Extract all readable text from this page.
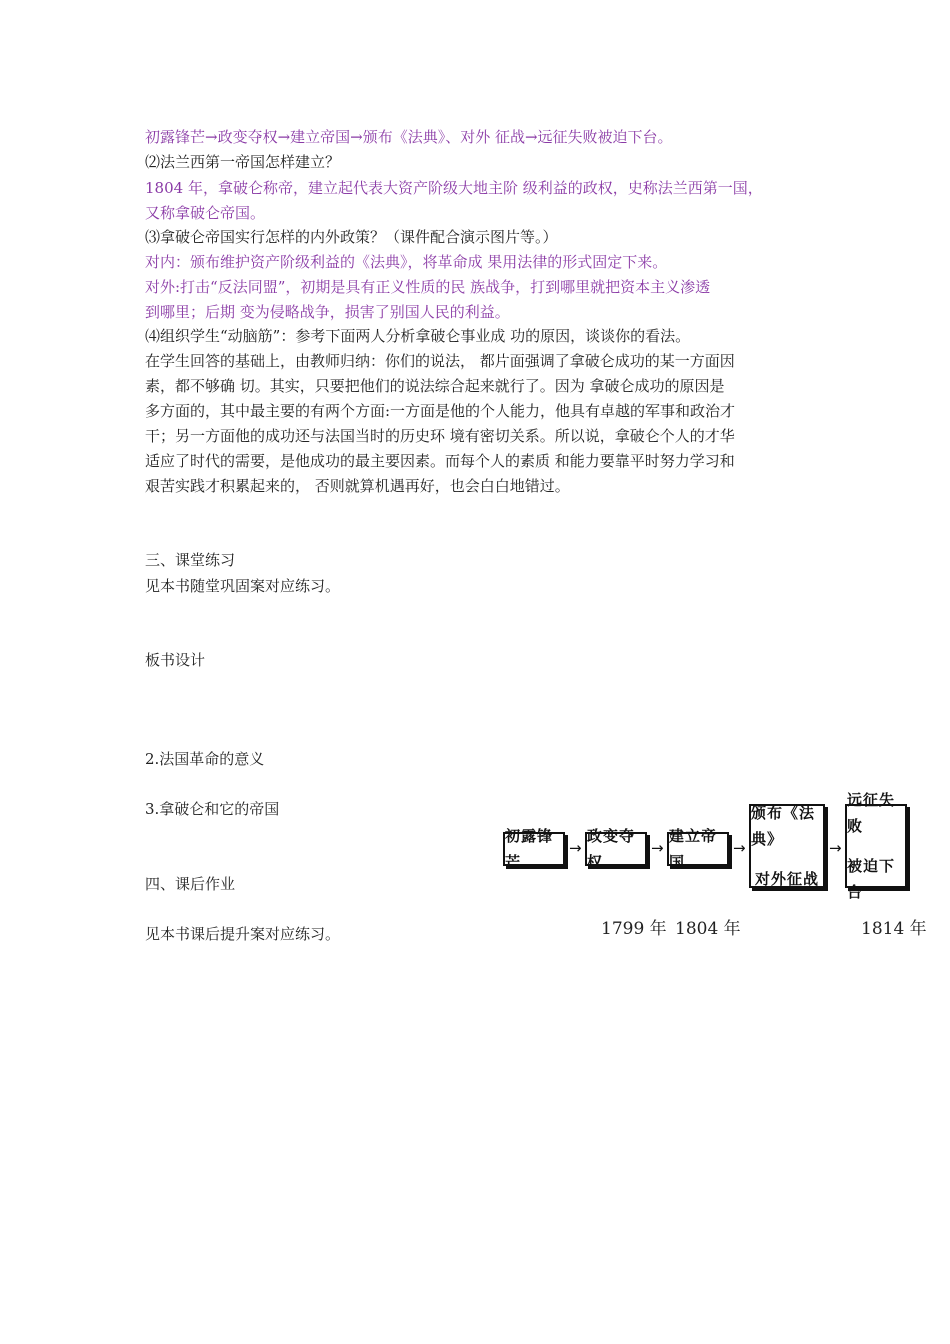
初露锋芒→政变夺权→建立帝国→颁布《法典》、对外 征战→远征失败被迫下台。

⑵法兰西第一帝国怎样建立？

1804 年，拿破仑称帝，建立起代表大资产阶级大地主阶 级利益的政权，史称法兰西第一国，

又称拿破仑帝国。

⑶拿破仑帝国实行怎样的内外政策？（课件配合演示图片等。）

对内：颁布维护资产阶级利益的《法典》，将革命成 果用法律的形式固定下来。

对外:打击“反法同盟”，初期是具有正义性质的民 族战争，打到哪里就把资本主义渗透

到哪里；后期 变为侵略战争，损害了别国人民的利益。

⑷组织学生“动脑筋”：参考下面两人分析拿破仑事业成 功的原因，谈谈你的看法。

在学生回答的基础上，由教师归纳：你们的说法， 都片面强调了拿破仑成功的某一方面因

素，都不够确 切。其实，只要把他们的说法综合起来就行了。因为 拿破仑成功的原因是

多方面的，其中最主要的有两个方面:一方面是他的个人能力，他具有卓越的军事和政治才

干；另一方面他的成功还与法国当时的历史环 境有密切关系。所以说，拿破仑个人的才华

适应了时代的需要，是他成功的最主要因素。而每个人的素质 和能力要靠平时努力学习和

艰苦实践才积累起来的， 否则就算机遇再好，也会白白地错过。

三、课堂练习

见本书随堂巩固案对应练习。

板书设计

2.法国革命的意义

3.拿破仑和它的帝国

四、课后作业

见本书课后提升案对应练习。

初露锋芒
→
政变夺权
→
建立帝国
→
颁布《法典》
对外征战
→
远征失败
被迫下台
1799 年 1804 年	1814 年
